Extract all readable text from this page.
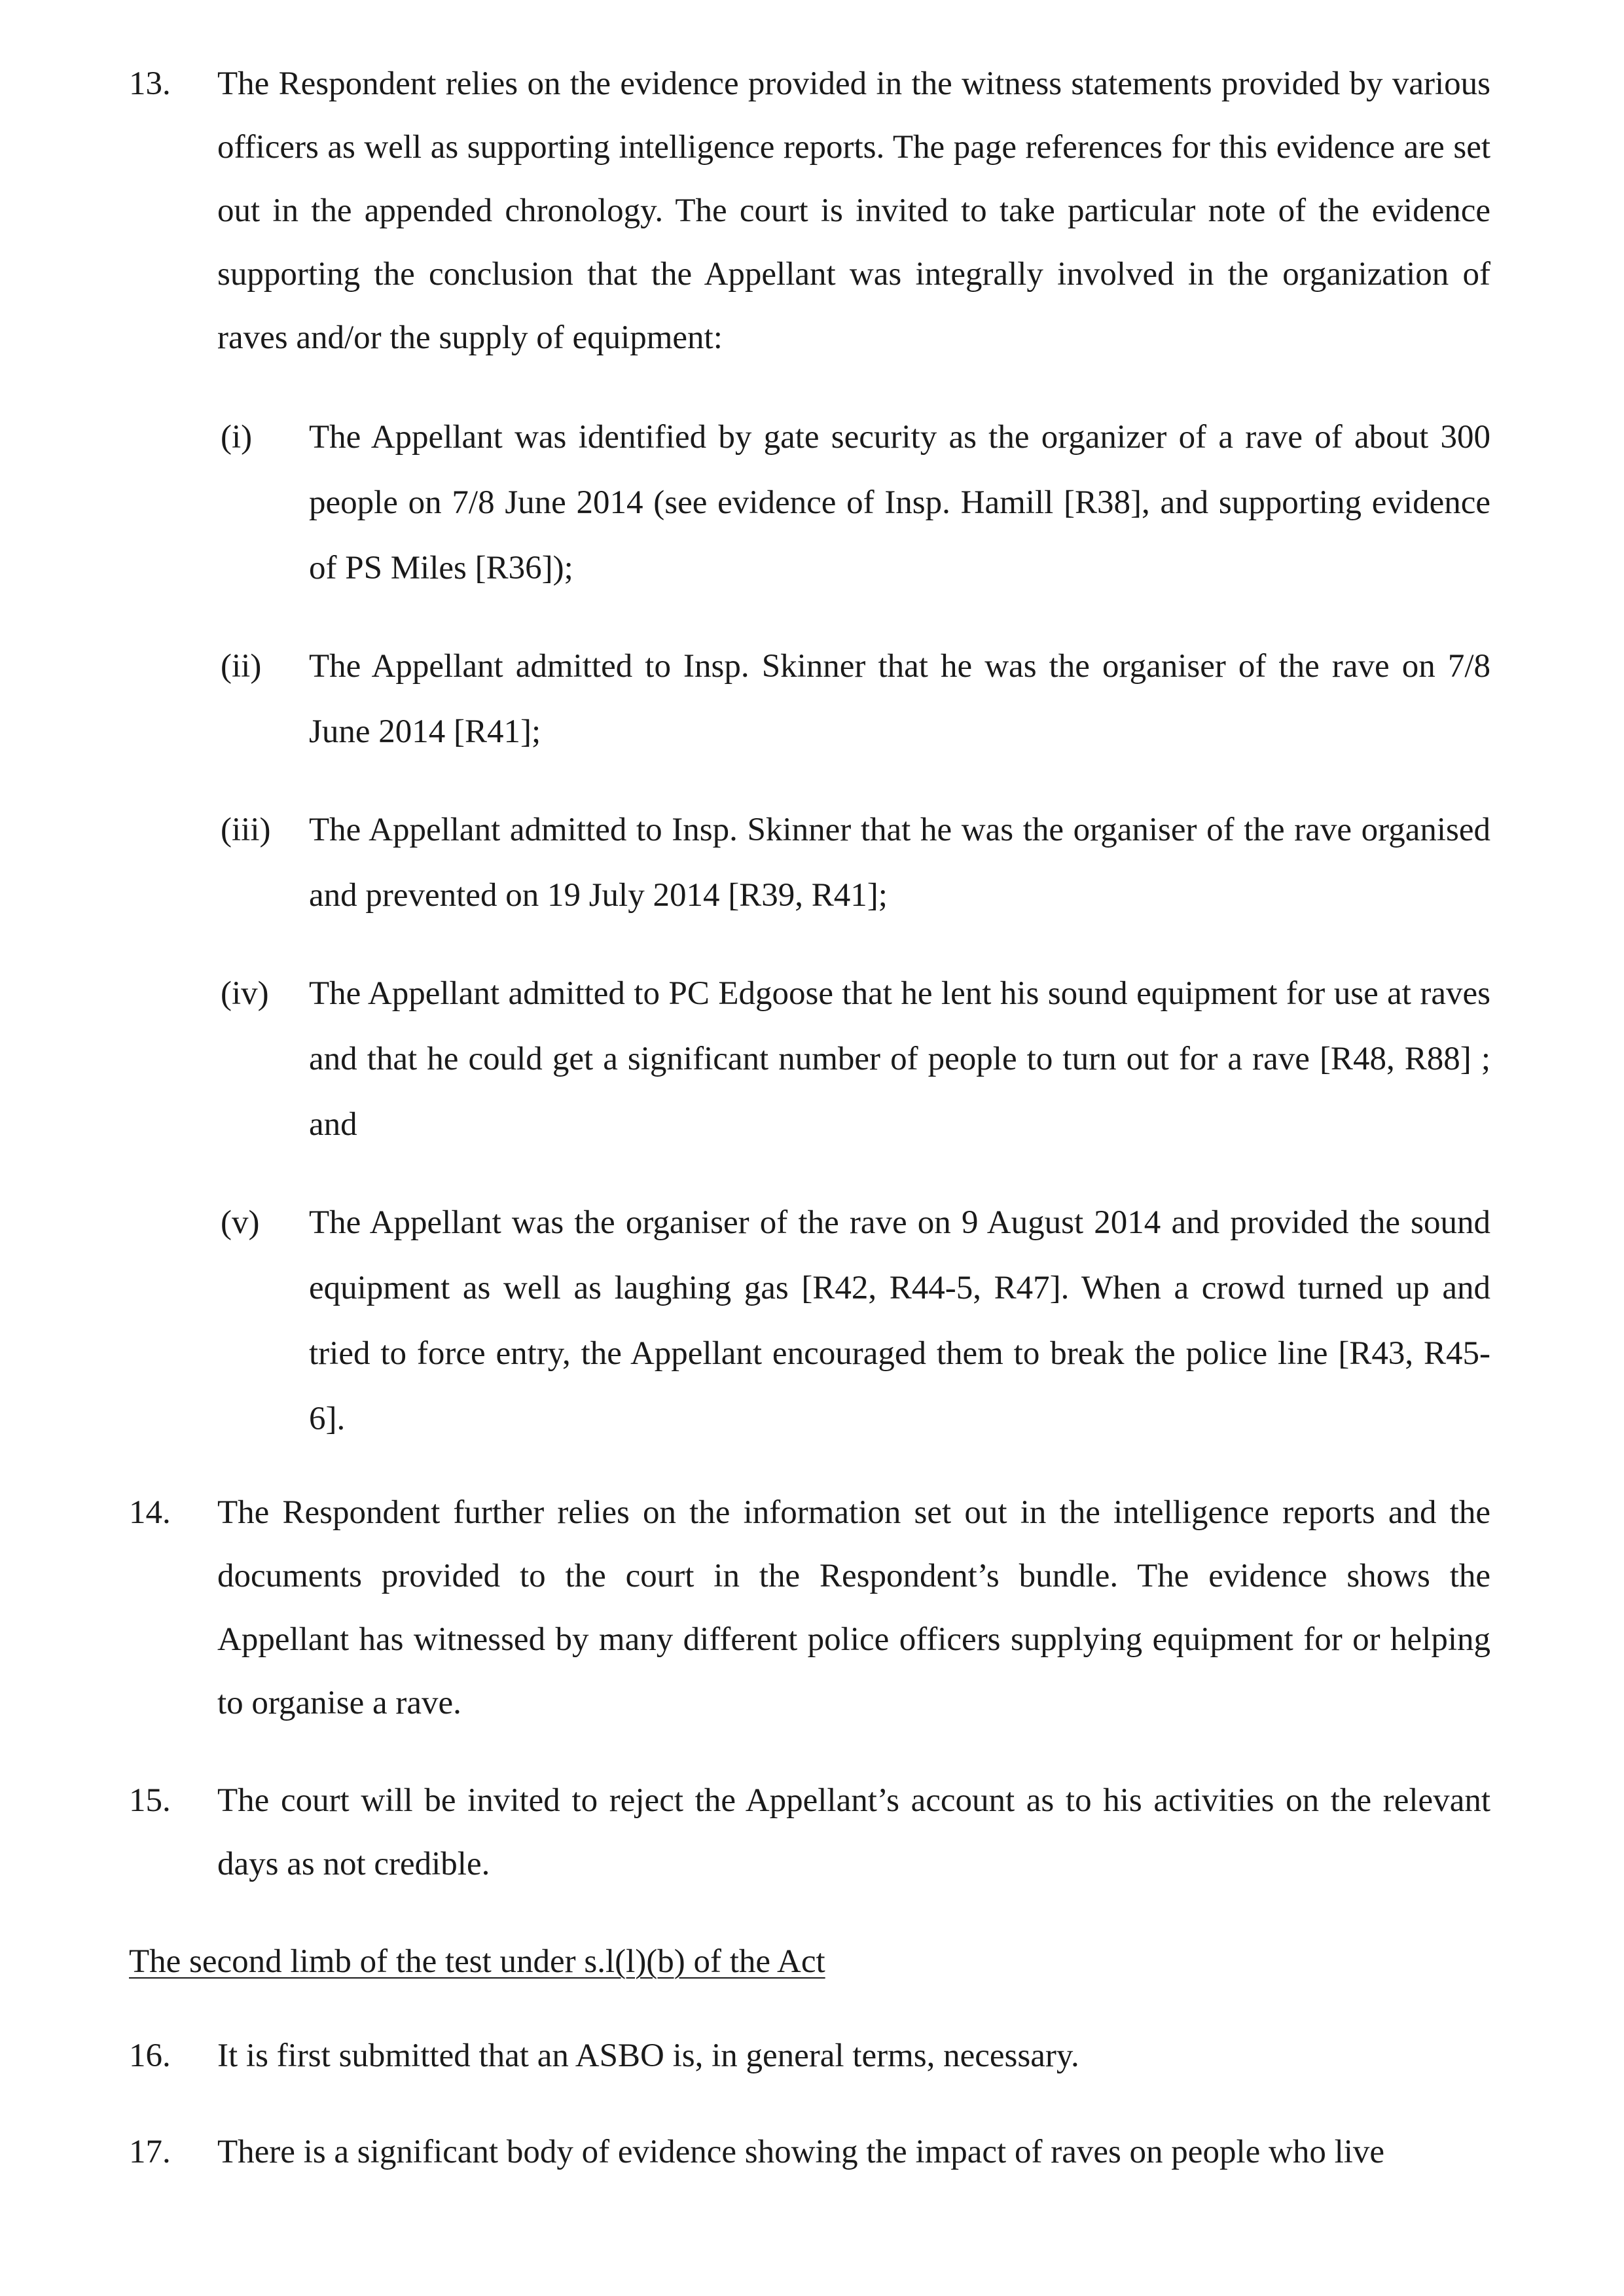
13. The Respondent relies on the evidence provided in the witness statements provided by various officers as well as supporting intelligence reports. The page references for this evidence are set out in the appended chronology. The court is invited to take particular note of the evidence supporting the conclusion that the Appellant was integrally involved in the organization of raves and/or the supply of equipment:
(i) The Appellant was identified by gate security as the organizer of a rave of about 300 people on 7/8 June 2014 (see evidence of Insp. Hamill [R38], and supporting evidence of PS Miles [R36]);
(ii) The Appellant admitted to Insp. Skinner that he was the organiser of the rave on 7/8 June 2014 [R41];
(iii) The Appellant admitted to Insp. Skinner that he was the organiser of the rave organised and prevented on 19 July 2014 [R39, R41];
(iv) The Appellant admitted to PC Edgoose that he lent his sound equipment for use at raves and that he could get a significant number of people to turn out for a rave [R48, R88] ; and
(v) The Appellant was the organiser of the rave on 9 August 2014 and provided the sound equipment as well as laughing gas [R42, R44-5, R47]. When a crowd turned up and tried to force entry, the Appellant encouraged them to break the police line [R43, R45-6].
14. The Respondent further relies on the information set out in the intelligence reports and the documents provided to the court in the Respondent’s bundle. The evidence shows the Appellant has witnessed by many different police officers supplying equipment for or helping to organise a rave.
15. The court will be invited to reject the Appellant’s account as to his activities on the relevant days as not credible.
The second limb of the test under s.l(l)(b) of the Act
16. It is first submitted that an ASBO is, in general terms, necessary.
17. There is a significant body of evidence showing the impact of raves on people who live
